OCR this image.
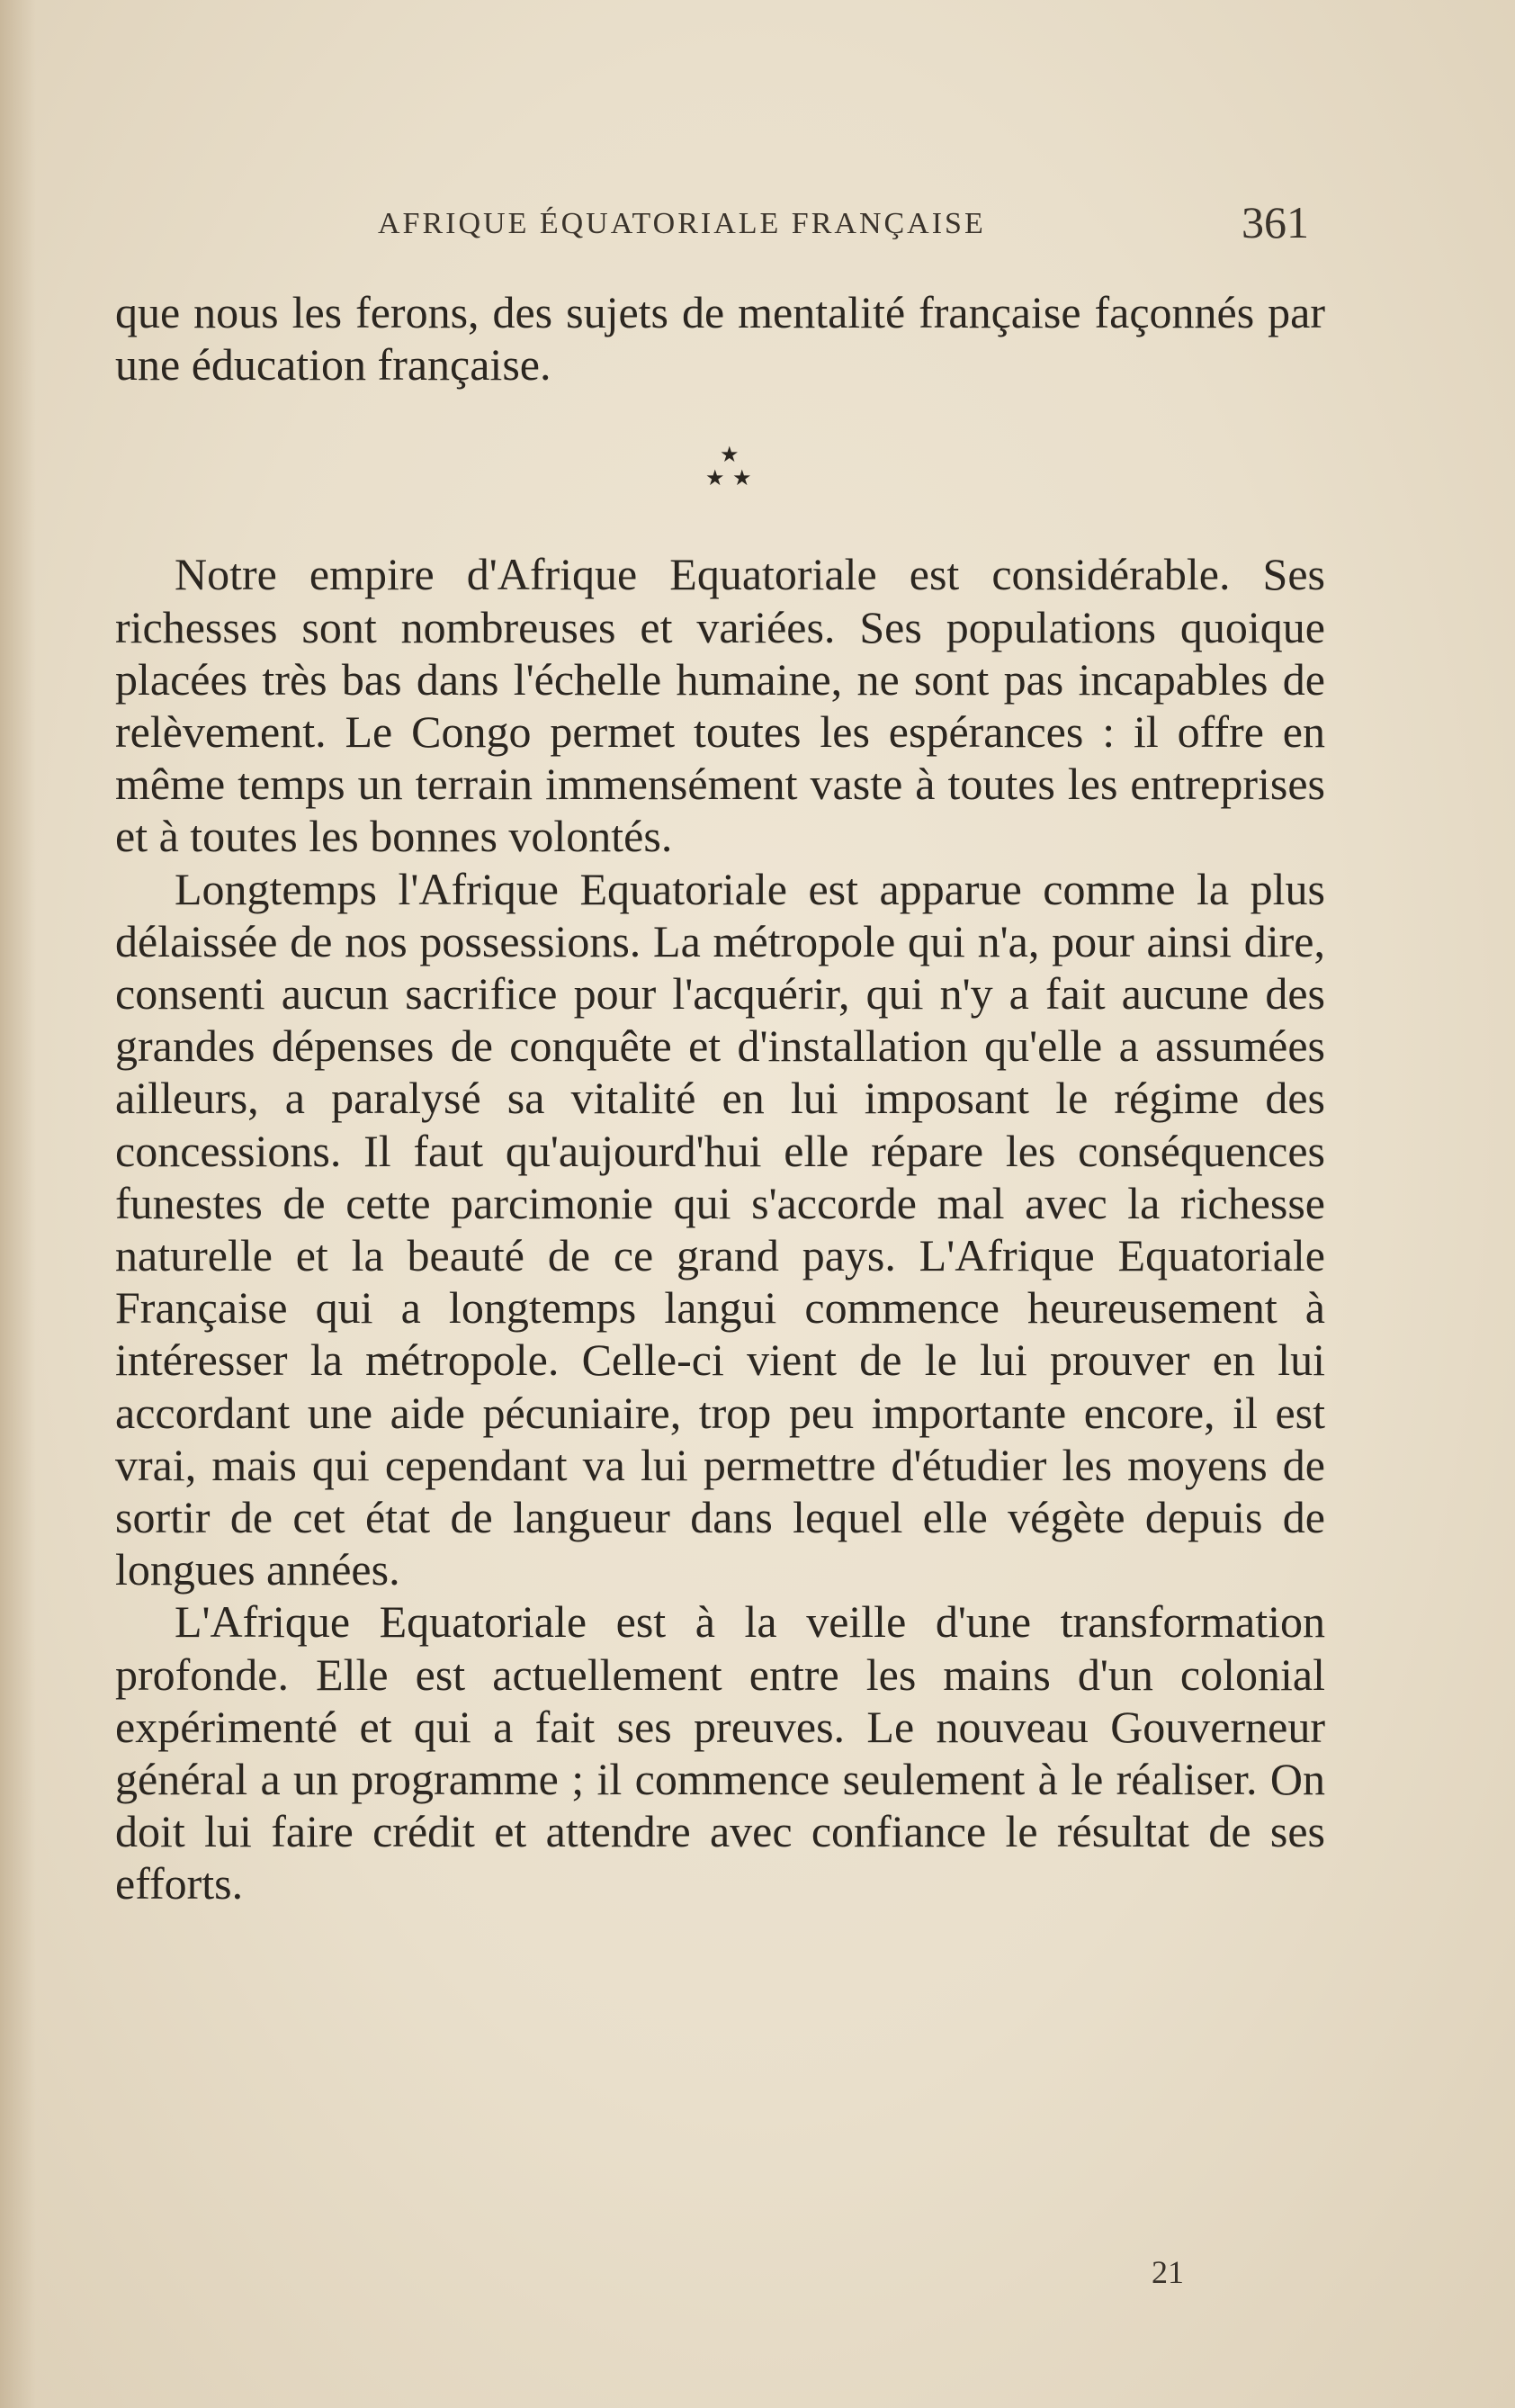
AFRIQUE ÉQUATORIALE FRANÇAISE	361

que nous les ferons, des sujets de mentalité française façonnés par une éducation française.

★
★ ★

Notre empire d'Afrique Equatoriale est considérable. Ses richesses sont nombreuses et variées. Ses populations quoique placées très bas dans l'échelle humaine, ne sont pas incapables de relèvement. Le Congo permet toutes les espérances : il offre en même temps un terrain immensément vaste à toutes les entreprises et à toutes les bonnes volontés.

Longtemps l'Afrique Equatoriale est apparue comme la plus délaissée de nos possessions. La métropole qui n'a, pour ainsi dire, consenti aucun sacrifice pour l'acquérir, qui n'y a fait aucune des grandes dépenses de conquête et d'installation qu'elle a assumées ailleurs, a paralysé sa vitalité en lui imposant le régime des concessions. Il faut qu'aujourd'hui elle répare les conséquences funestes de cette parcimonie qui s'accorde mal avec la richesse naturelle et la beauté de ce grand pays. L'Afrique Equatoriale Française qui a longtemps langui commence heureusement à intéresser la métropole. Celle-ci vient de le lui prouver en lui accordant une aide pécuniaire, trop peu importante encore, il est vrai, mais qui cependant va lui permettre d'étudier les moyens de sortir de cet état de langueur dans lequel elle végète depuis de longues années.

L'Afrique Equatoriale est à la veille d'une transformation profonde. Elle est actuellement entre les mains d'un colonial expérimenté et qui a fait ses preuves. Le nouveau Gouverneur général a un programme ; il commence seulement à le réaliser. On doit lui faire crédit et attendre avec confiance le résultat de ses efforts.

21
